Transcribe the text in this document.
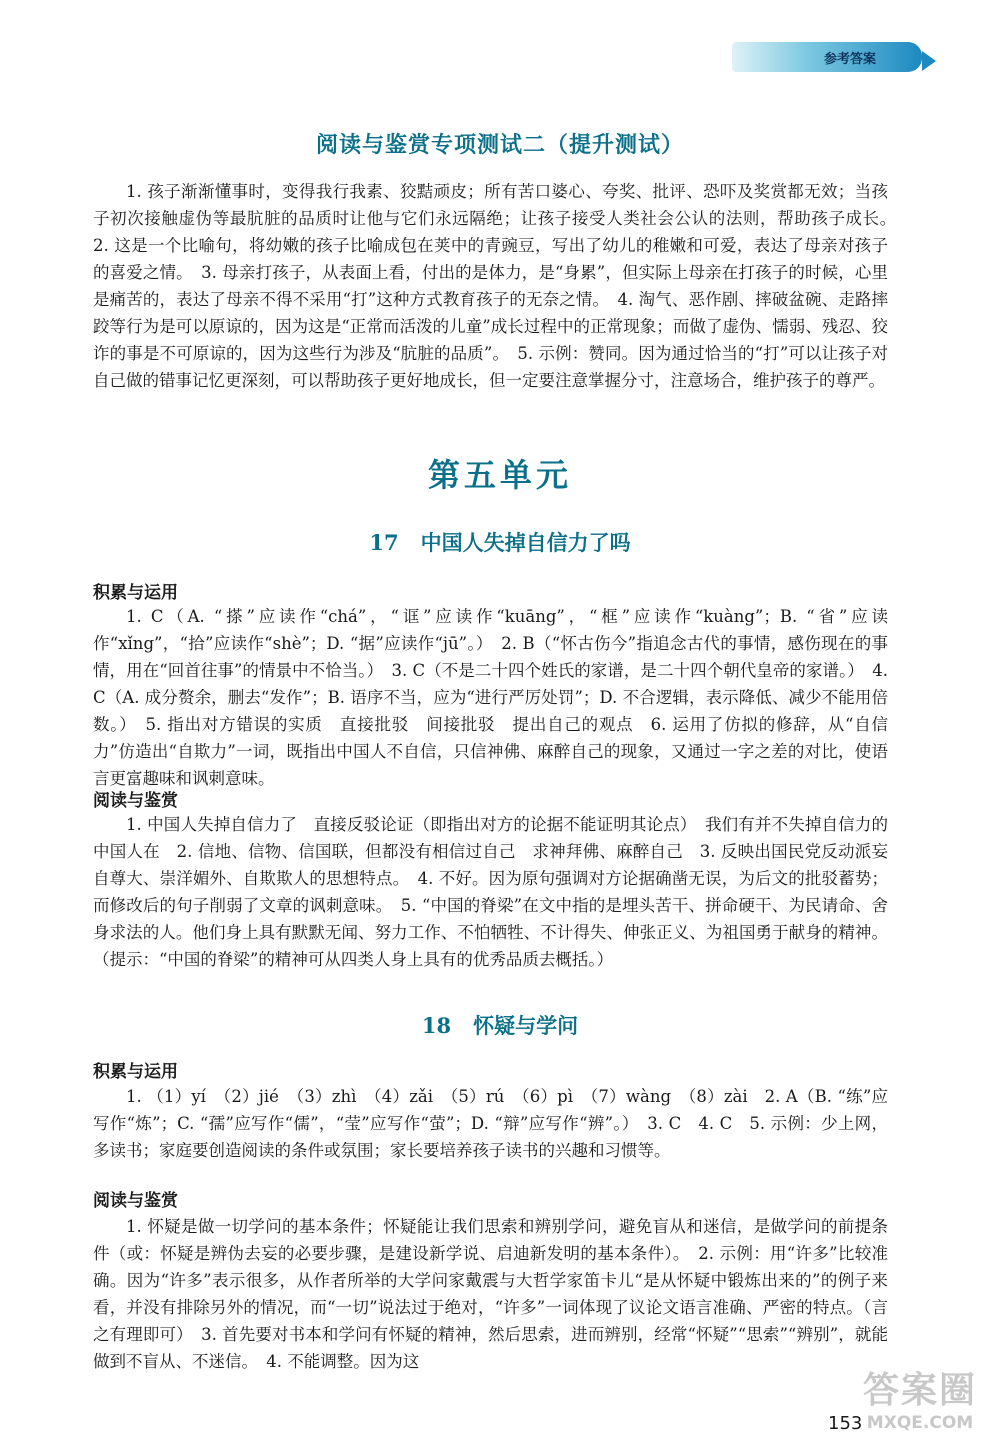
参考答案
阅读与鉴赏专项测试二（提升测试）

1. 孩子渐渐懂事时，变得我行我素、狡黠顽皮；所有苦口婆心、夸奖、批评、恐吓及奖赏都无效；当孩子初次接触虚伪等最肮脏的品质时让他与它们永远隔绝；让孩子接受人类社会公认的法则，帮助孩子成长。　2. 这是一个比喻句，将幼嫩的孩子比喻成包在荚中的青豌豆，写出了幼儿的稚嫩和可爱，表达了母亲对孩子的喜爱之情。　3. 母亲打孩子，从表面上看，付出的是体力，是“身累”，但实际上母亲在打孩子的时候，心里是痛苦的，表达了母亲不得不采用“打”这种方式教育孩子的无奈之情。　4. 淘气、恶作剧、摔破盆碗、走路摔跤等行为是可以原谅的，因为这是“正常而活泼的儿童”成长过程中的正常现象；而做了虚伪、懦弱、残忍、狡诈的事是不可原谅的，因为这些行为涉及“肮脏的品质”。　5. 示例：赞同。因为通过恰当的“打”可以让孩子对自己做的错事记忆更深刻，可以帮助孩子更好地成长，但一定要注意掌握分寸，注意场合，维护孩子的尊严。

第五单元
17 中国人失掉自信力了吗
积累与运用

1. C（A. “搽”应读作“chá”，“诓”应读作“kuāng”，“框”应读作“kuàng”；B. “省”应读作“xǐng”，“拾”应读作“shè”；D. “据”应读作“jū”。）　2. B（“怀古伤今”指追念古代的事情，感伤现在的事情，用在“回首往事”的情景中不恰当。）　3. C（不是二十四个姓氏的家谱，是二十四个朝代皇帝的家谱。）　4. C（A. 成分赘余，删去“发作”；B. 语序不当，应为“进行严厉处罚”；D. 不合逻辑，表示降低、减少不能用倍数。）　5. 指出对方错误的实质　直接批驳　间接批驳　提出自己的观点　6. 运用了仿拟的修辞，从“自信力”仿造出“自欺力”一词，既指出中国人不自信，只信神佛、麻醉自己的现象，又通过一字之差的对比，使语言更富趣味和讽刺意味。

阅读与鉴赏

1. 中国人失掉自信力了　直接反驳论证（即指出对方的论据不能证明其论点）　我们有并不失掉自信力的中国人在　2. 信地、信物、信国联，但都没有相信过自己　求神拜佛、麻醉自己　3. 反映出国民党反动派妄自尊大、崇洋媚外、自欺欺人的思想特点。　4. 不好。因为原句强调对方论据确凿无误，为后文的批驳蓄势；而修改后的句子削弱了文章的讽刺意味。　5. “中国的脊梁”在文中指的是埋头苦干、拼命硬干、为民请命、舍身求法的人。他们身上具有默默无闻、努力工作、不怕牺牲、不计得失、伸张正义、为祖国勇于献身的精神。（提示：“中国的脊梁”的精神可从四类人身上具有的优秀品质去概括。）

18 怀疑与学问
积累与运用

1. （1）yí　（2）jié　（3）zhì　（4）zǎi　（5）rú　（6）pì　（7）wàng　（8）zài　2. A（B. “练”应写作“炼”；C. “孺”应写作“儒”，“莹”应写作“萤”；D. “辩”应写作“辨”。）　3. C　4. C　5. 示例：少上网，多读书；家庭要创造阅读的条件或氛围；家长要培养孩子读书的兴趣和习惯等。

阅读与鉴赏

1. 怀疑是做一切学问的基本条件；怀疑能让我们思索和辨别学问，避免盲从和迷信，是做学问的前提条件（或：怀疑是辨伪去妄的必要步骤，是建设新学说、启迪新发明的基本条件）。　2. 示例：用“许多”比较准确。因为“许多”表示很多，从作者所举的大学问家戴震与大哲学家笛卡儿“是从怀疑中锻炼出来的”的例子来看，并没有排除另外的情况，而“一切”说法过于绝对，“许多”一词体现了议论文语言准确、严密的特点。（言之有理即可）　3. 首先要对书本和学问有怀疑的精神，然后思索，进而辨别，经常“怀疑”“思索”“辨别”，就能做到不盲从、不迷信。　4. 不能调整。因为这

答案圈
MXQE.COM
153
